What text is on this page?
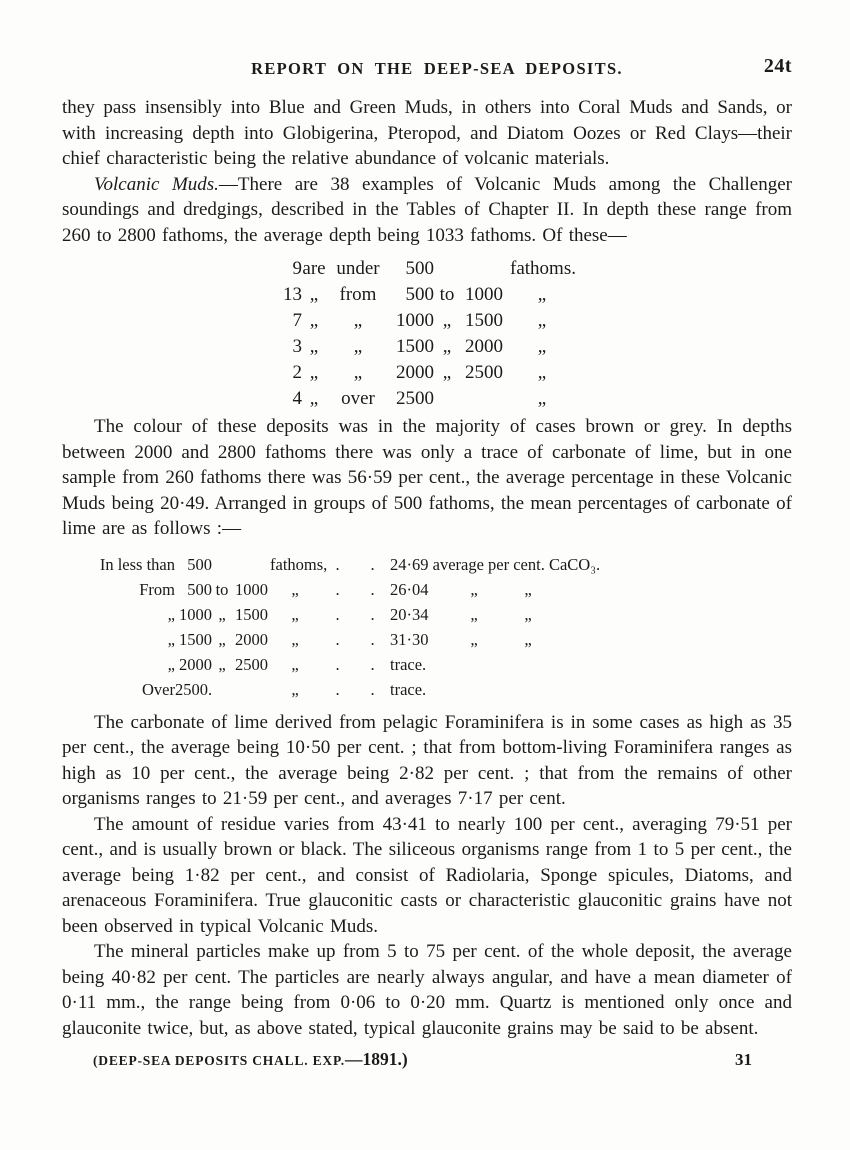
REPORT ON THE DEEP-SEA DEPOSITS.	24t

they pass insensibly into Blue and Green Muds, in others into Coral Muds and Sands, or with increasing depth into Globigerina, Pteropod, and Diatom Oozes or Red Clays—their chief characteristic being the relative abundance of volcanic materials.

Volcanic Muds.—There are 38 examples of Volcanic Muds among the Challenger soundings and dredgings, described in the Tables of Chapter II. In depth these range from 260 to 2800 fathoms, the average depth being 1033 fathoms. Of these—

9 are under	500	fathoms.
13 „	from	500 to 1000	„
7 „	„	1000 „ 1500	„
3 „	„	1500 „ 2000	„
2 „	„	2000 „ 2500	„
4 „	over	2500	„

The colour of these deposits was in the majority of cases brown or grey. In depths between 2000 and 2800 fathoms there was only a trace of carbonate of lime, but in one sample from 260 fathoms there was 56·59 per cent., the average percentage in these Volcanic Muds being 20·49. Arranged in groups of 500 fathoms, the mean percentages of carbonate of lime are as follows :—

In less than 500	fathoms, .	. 24·69 average per cent. CaCO₃.
From 500 to 1000	„	.	. 26·04	„	„
„ 1000 „ 1500	„	.	. 20·34	„	„
„ 1500 „ 2000	„	.	. 31·30	„	„
„ 2000 „ 2500	„	.	. trace.
Over 2500.	„	.	. trace.

The carbonate of lime derived from pelagic Foraminifera is in some cases as high as 35 per cent., the average being 10·50 per cent. ; that from bottom-living Foraminifera ranges as high as 10 per cent., the average being 2·82 per cent. ; that from the remains of other organisms ranges to 21·59 per cent., and averages 7·17 per cent.

The amount of residue varies from 43·41 to nearly 100 per cent., averaging 79·51 per cent., and is usually brown or black. The siliceous organisms range from 1 to 5 per cent., the average being 1·82 per cent., and consist of Radiolaria, Sponge spicules, Diatoms, and arenaceous Foraminifera. True glauconitic casts or characteristic glauconitic grains have not been observed in typical Volcanic Muds.

The mineral particles make up from 5 to 75 per cent. of the whole deposit, the average being 40·82 per cent. The particles are nearly always angular, and have a mean diameter of 0·11 mm., the range being from 0·06 to 0·20 mm. Quartz is mentioned only once and glauconite twice, but, as above stated, typical glauconite grains may be said to be absent.

(DEEP-SEA DEPOSITS CHALL. EXP.—1891.)	31
